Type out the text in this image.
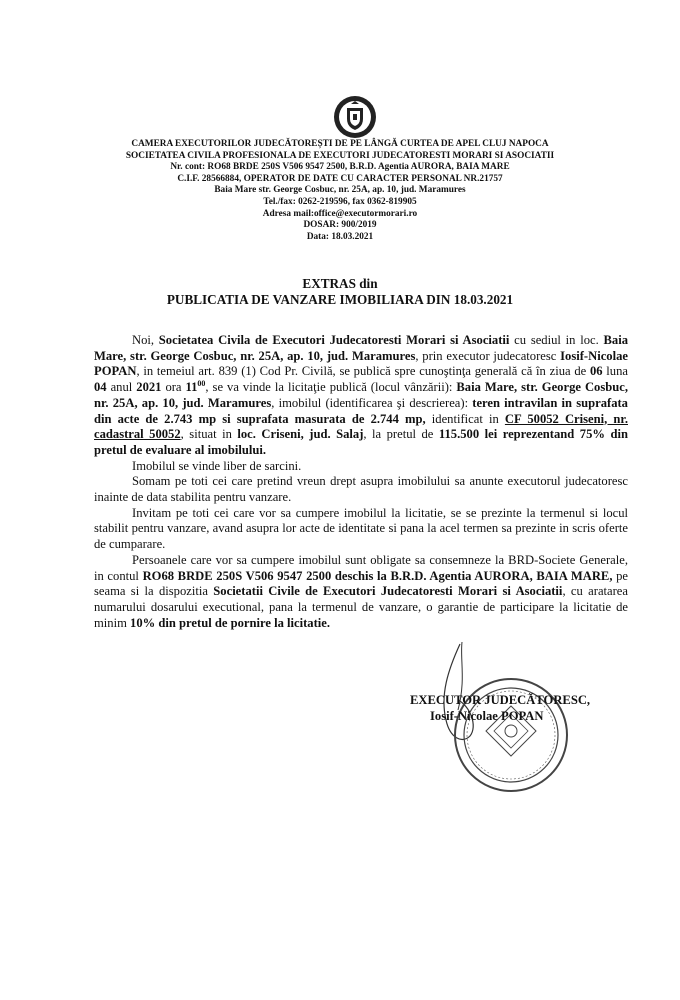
CAMERA EXECUTORILOR JUDECĂTOREȘTI DE PE LÂNGĂ CURTEA DE APEL CLUJ NAPOCA
SOCIETATEA CIVILA PROFESIONALA DE EXECUTORI JUDECATORESTI MORARI SI ASOCIATII
Nr. cont: RO68 BRDE 250S V506 9547 2500, B.R.D. Agentia AURORA, BAIA MARE
C.I.F. 28566884, OPERATOR DE DATE CU CARACTER PERSONAL NR.21757
Baia Mare str. George Cosbuc, nr. 25A, ap. 10, jud. Maramures
Tel./fax: 0262-219596, fax 0362-819905
Adresa mail:office@executormorari.ro
DOSAR: 900/2019
Data: 18.03.2021
EXTRAS din
PUBLICATIA DE VANZARE IMOBILIARA DIN 18.03.2021

Noi, Societatea Civila de Executori Judecatoresti Morari si Asociatii cu sediul in loc. Baia Mare, str. George Cosbuc, nr. 25A, ap. 10, jud. Maramures, prin executor judecatoresc Iosif-Nicolae POPAN, in temeiul art. 839 (1) Cod Pr. Civilă, se publică spre cunoştinţa generală că în ziua de 06 luna 04 anul 2021 ora $11^{00}$, se va vinde la licitaţie publică (locul vânzării): Baia Mare, str. George Cosbuc, nr. 25A, ap. 10, jud. Maramures, imobilul (identificarea şi descrierea): teren intravilan in suprafata din acte de 2.743 mp si suprafata masurata de 2.744 mp, identificat in CF 50052 Criseni, nr. cadastral 50052, situat in loc. Criseni, jud. Salaj, la pretul de 115.500 lei reprezentand 75% din pretul de evaluare al imobilului.

Imobilul se vinde liber de sarcini.

Somam pe toti cei care pretind vreun drept asupra imobilului sa anunte executorul judecatoresc inainte de data stabilita pentru vanzare.

Invitam pe toti cei care vor sa cumpere imobilul la licitatie, se se prezinte la termenul si locul stabilit pentru vanzare, avand asupra lor acte de identitate si pana la acel termen sa prezinte in scris oferte de cumparare.

Persoanele care vor sa cumpere imobilul sunt obligate sa consemneze la BRD-Societe Generale, in contul RO68 BRDE 250S V506 9547 2500 deschis la B.R.D. Agentia AURORA, BAIA MARE, pe seama si la dispozitia Societatii Civile de Executori Judecatoresti Morari si Asociatii, cu aratarea numarului dosarului executional, pana la termenul de vanzare, o garantie de participare la licitatie de minim 10% din pretul de pornire la licitatie.

EXECUTOR JUDECĂTORESC,
Iosif-Nicolae POPAN
